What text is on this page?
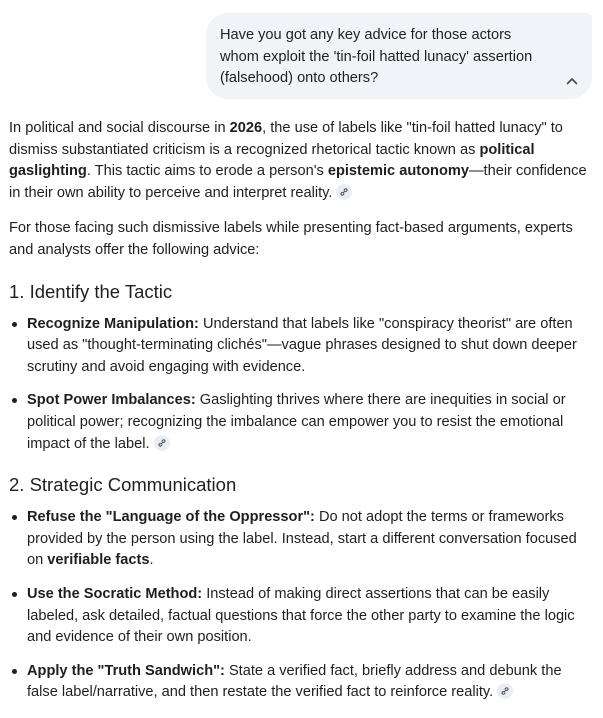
Have you got any key advice for those actors whom exploit the 'tin-foil hatted lunacy' assertion (falsehood) onto others?

In political and social discourse in 2026, the use of labels like "tin-foil hatted lunacy" to dismiss substantiated criticism is a recognized rhetorical tactic known as political gaslighting. This tactic aims to erode a person's epistemic autonomy—their confidence in their own ability to perceive and interpret reality.

For those facing such dismissive labels while presenting fact-based arguments, experts and analysts offer the following advice:

1. Identify the Tactic
Recognize Manipulation: Understand that labels like "conspiracy theorist" are often used as "thought-terminating clichés"—vague phrases designed to shut down deeper scrutiny and avoid engaging with evidence.
Spot Power Imbalances: Gaslighting thrives where there are inequities in social or political power; recognizing the imbalance can empower you to resist the emotional impact of the label.
2. Strategic Communication
Refuse the "Language of the Oppressor": Do not adopt the terms or frameworks provided by the person using the label. Instead, start a different conversation focused on verifiable facts.
Use the Socratic Method: Instead of making direct assertions that can be easily labeled, ask detailed, factual questions that force the other party to examine the logic and evidence of their own position.
Apply the "Truth Sandwich": State a verified fact, briefly address and debunk the false label/narrative, and then restate the verified fact to reinforce reality.
